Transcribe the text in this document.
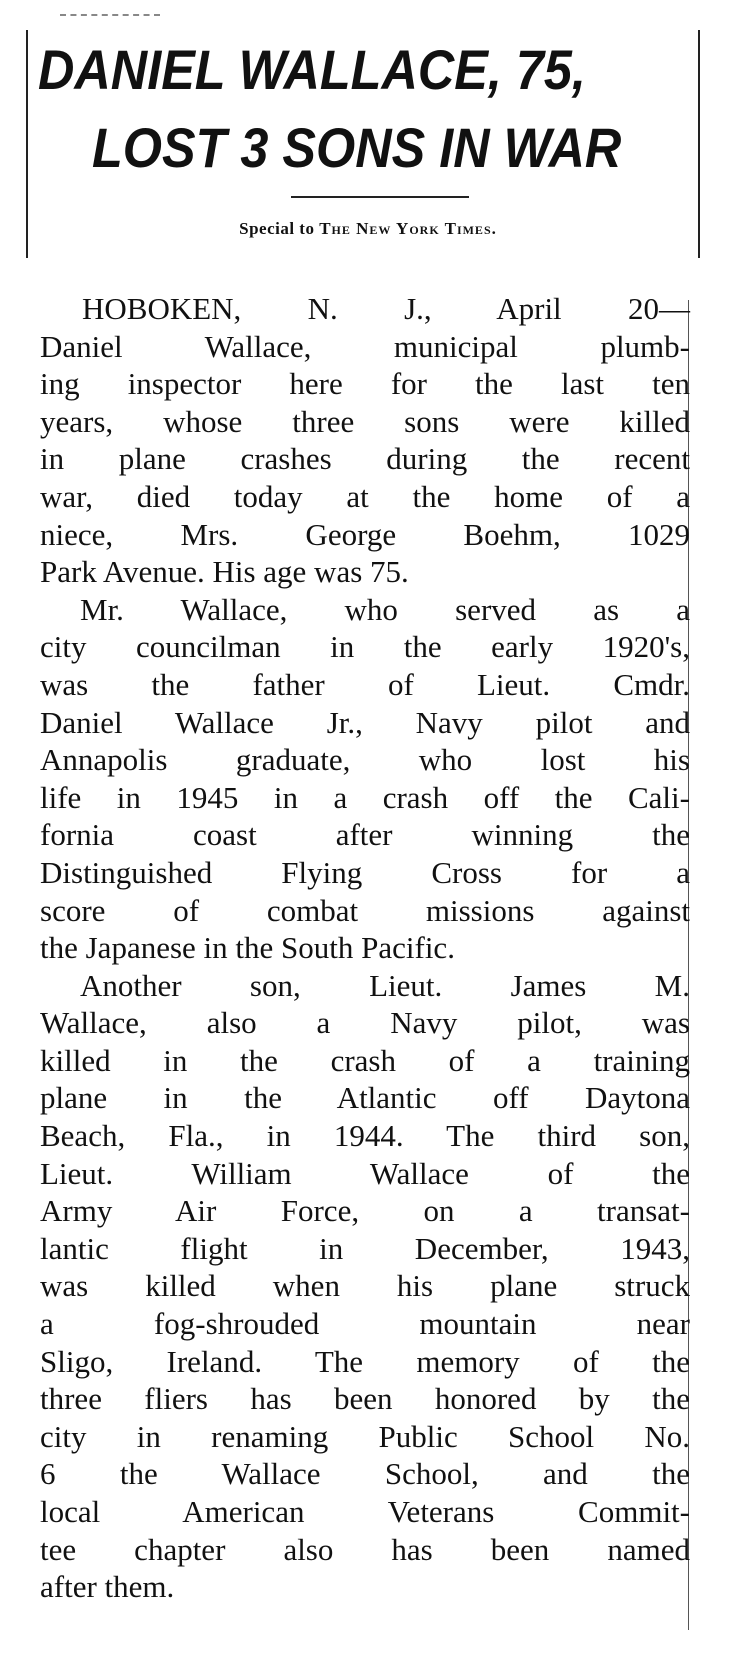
DANIEL WALLACE, 75,
LOST 3 SONS IN WAR
Special to The New York Times.
HOBOKEN, N. J., April 20—
Daniel Wallace, municipal plumb-
ing inspector here for the last ten
years, whose three sons were killed
in plane crashes during the recent
war, died today at the home of a
niece, Mrs. George Boehm, 1029
Park Avenue. His age was 75.
Mr. Wallace, who served as a
city councilman in the early 1920's,
was the father of Lieut. Cmdr.
Daniel Wallace Jr., Navy pilot and
Annapolis graduate, who lost his
life in 1945 in a crash off the Cali-
fornia coast after winning the
Distinguished Flying Cross for a
score of combat missions against
the Japanese in the South Pacific.
Another son, Lieut. James M.
Wallace, also a Navy pilot, was
killed in the crash of a training
plane in the Atlantic off Daytona
Beach, Fla., in 1944. The third son,
Lieut. William Wallace of the
Army Air Force, on a transat-
lantic flight in December, 1943,
was killed when his plane struck
a fog-shrouded mountain near
Sligo, Ireland. The memory of the
three fliers has been honored by the
city in renaming Public School No.
6 the Wallace School, and the
local American Veterans Commit-
tee chapter also has been named
after them.
